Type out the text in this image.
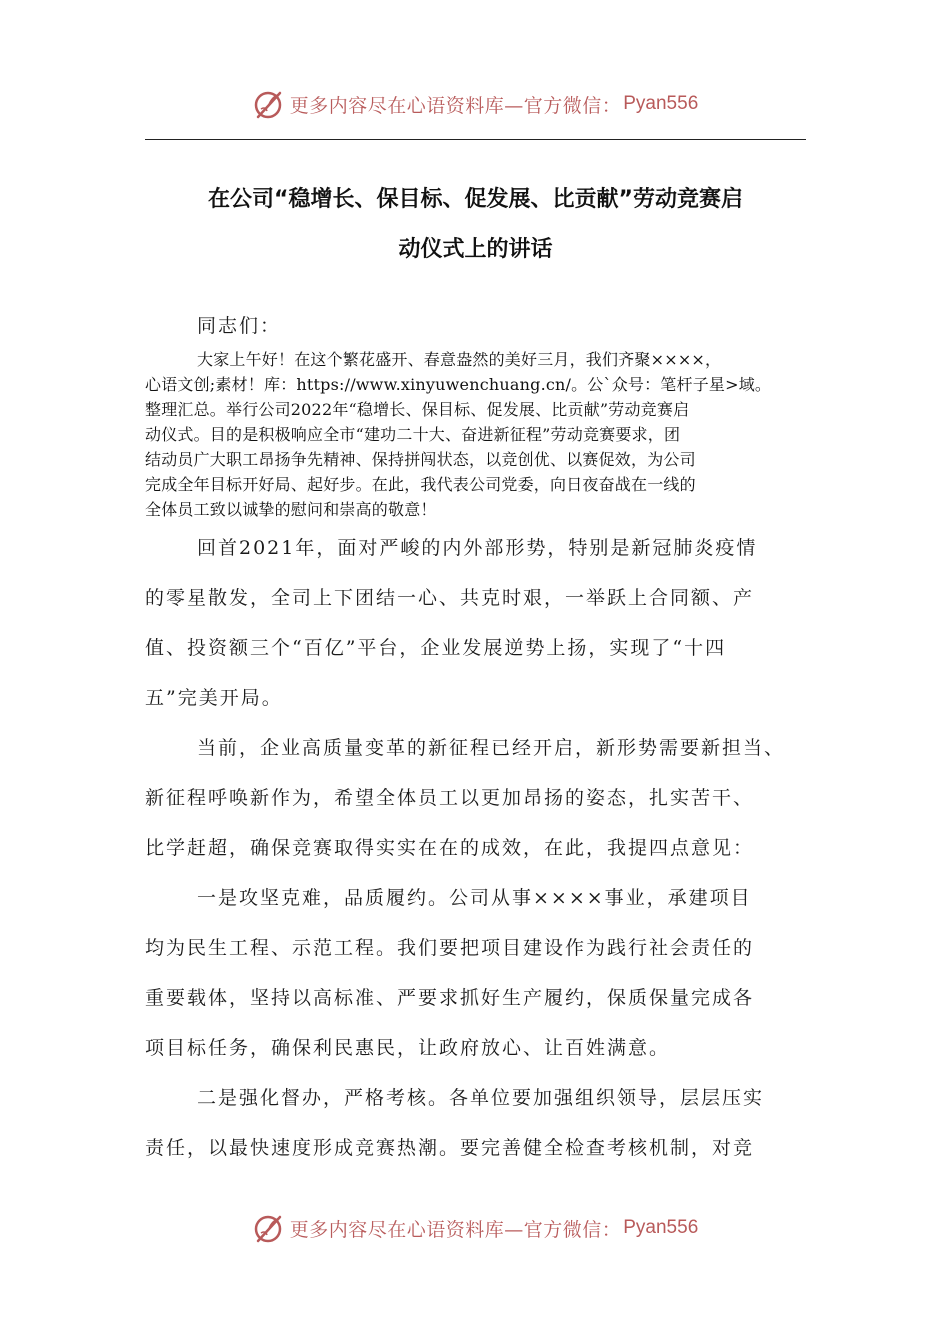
更多内容尽在心语资料库—官方微信： Pyan556
在公司“稳增长、保目标、促发展、比贡献”劳动竞赛启
动仪式上的讲话
同志们：
大家上午好！在这个繁花盛开、春意盎然的美好三月，我们齐聚××××，
心语文创;素材！库：https://www.xinyuwenchuang.cn/。公`众号：笔杆子星>域。
整理汇总。举行公司2022年“稳增长、保目标、促发展、比贡献”劳动竞赛启
动仪式。目的是积极响应全市“建功二十大、奋进新征程”劳动竞赛要求，团
结动员广大职工昂扬争先精神、保持拼闯状态，以竞创优、以赛促效，为公司
完成全年目标开好局、起好步。在此，我代表公司党委，向日夜奋战在一线的
全体员工致以诚挚的慰问和崇高的敬意！
回首2021年，面对严峻的内外部形势，特别是新冠肺炎疫情
的零星散发，全司上下团结一心、共克时艰，一举跃上合同额、产
值、投资额三个“百亿”平台，企业发展逆势上扬，实现了“十四
五”完美开局。
当前，企业高质量变革的新征程已经开启，新形势需要新担当、
新征程呼唤新作为，希望全体员工以更加昂扬的姿态，扎实苦干、
比学赶超，确保竞赛取得实实在在的成效，在此，我提四点意见：
一是攻坚克难，品质履约。公司从事××××事业，承建项目
均为民生工程、示范工程。我们要把项目建设作为践行社会责任的
重要载体，坚持以高标准、严要求抓好生产履约，保质保量完成各
项目标任务，确保利民惠民，让政府放心、让百姓满意。
二是强化督办，严格考核。各单位要加强组织领导，层层压实
责任，以最快速度形成竞赛热潮。要完善健全检查考核机制，对竞
更多内容尽在心语资料库—官方微信： Pyan556
